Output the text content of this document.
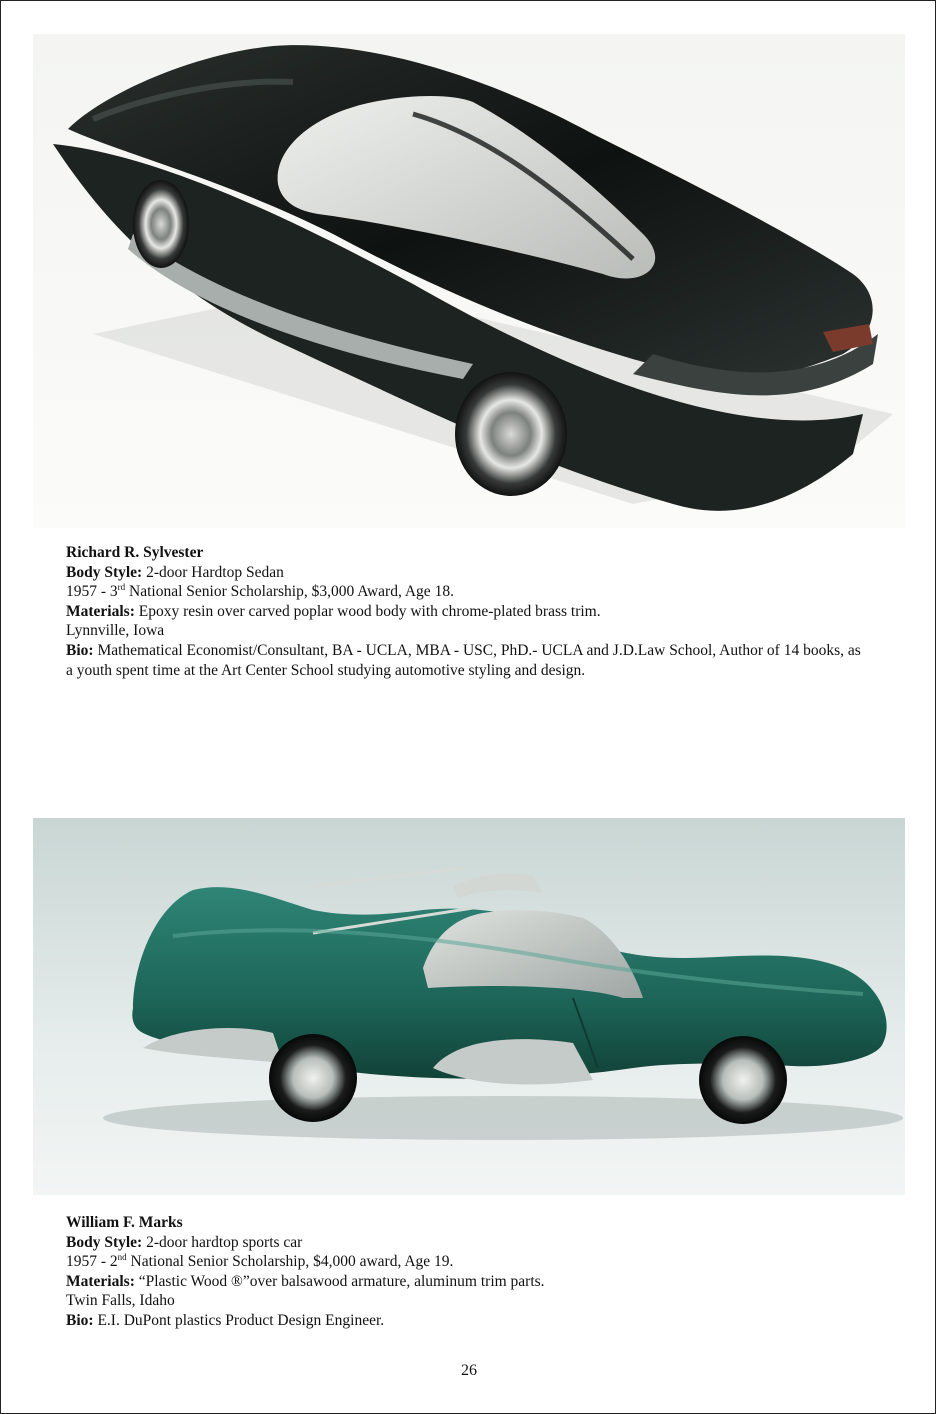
Richard R. Sylvester
Body Style: 2-door Hardtop Sedan
1957 - 3rd National Senior Scholarship, $3,000 Award, Age 18.
Materials: Epoxy resin over carved poplar wood body with chrome-plated brass trim.
Lynnville, Iowa
Bio: Mathematical Economist/Consultant, BA - UCLA, MBA - USC, PhD.- UCLA and J.D.Law School, Author of 14 books, as a youth spent time at the Art Center School studying automotive styling and design.
William F. Marks
Body Style: 2-door hardtop sports car
1957 - 2nd National Senior Scholarship, $4,000 award, Age 19.
Materials: “Plastic Wood ®”over balsawood armature, aluminum trim parts.
Twin Falls, Idaho
Bio: E.I. DuPont plastics Product Design Engineer.
26
